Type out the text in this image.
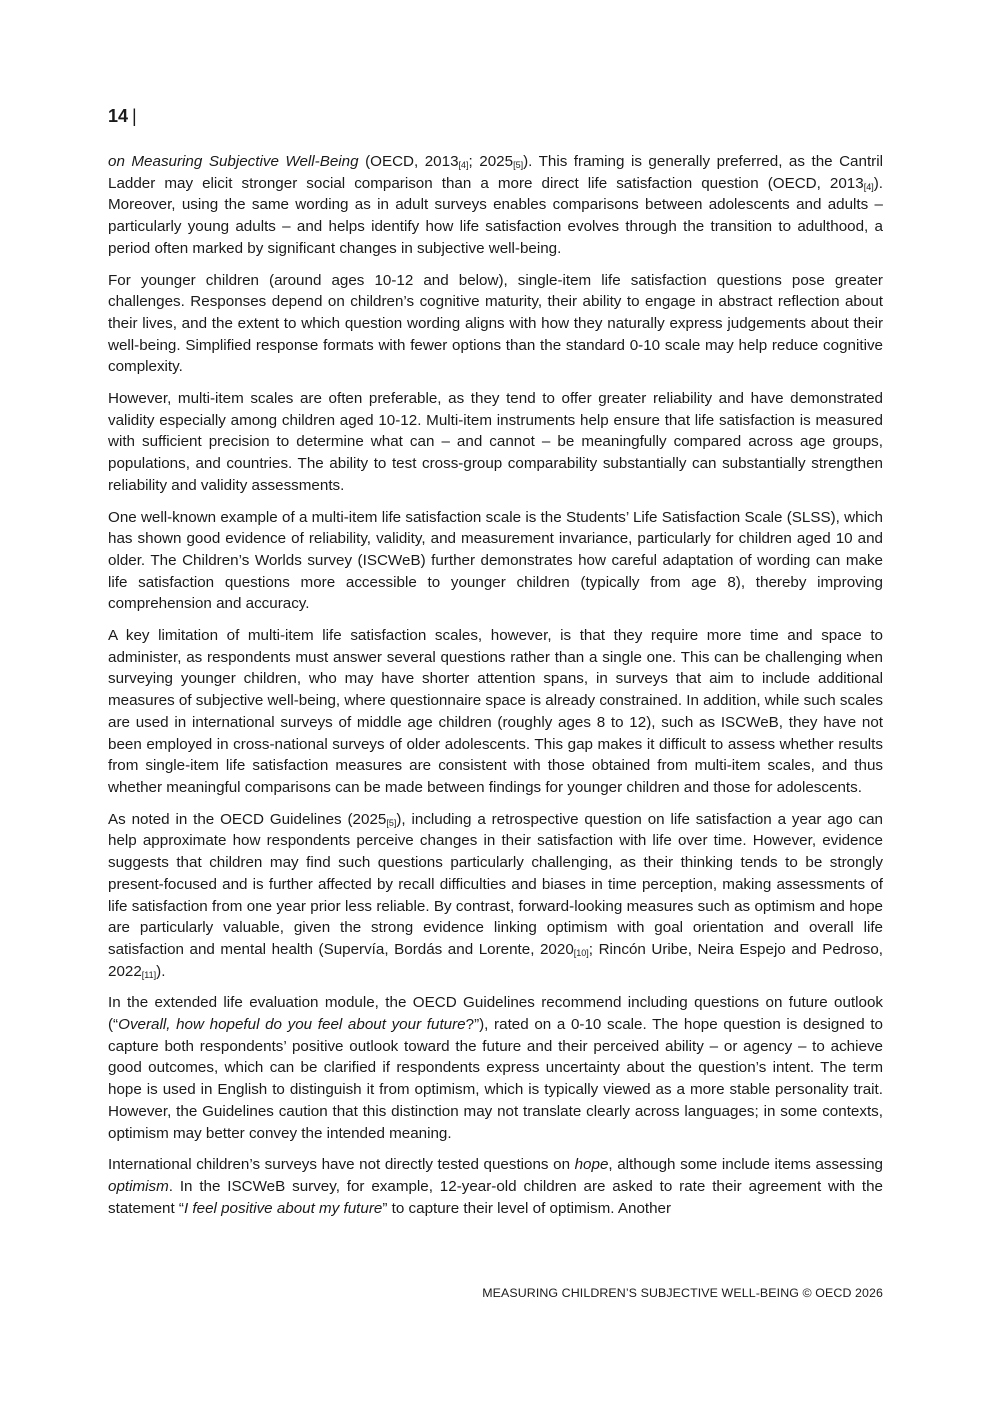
14 |

on Measuring Subjective Well-Being (OECD, $2013_{[4]}$; $2025_{[5]}$). This framing is generally preferred, as the Cantril Ladder may elicit stronger social comparison than a more direct life satisfaction question (OECD, $2013_{[4]}$). Moreover, using the same wording as in adult surveys enables comparisons between adolescents and adults – particularly young adults – and helps identify how life satisfaction evolves through the transition to adulthood, a period often marked by significant changes in subjective well-being.

For younger children (around ages 10-12 and below), single-item life satisfaction questions pose greater challenges. Responses depend on children’s cognitive maturity, their ability to engage in abstract reflection about their lives, and the extent to which question wording aligns with how they naturally express judgements about their well-being. Simplified response formats with fewer options than the standard 0-10 scale may help reduce cognitive complexity.

However, multi-item scales are often preferable, as they tend to offer greater reliability and have demonstrated validity especially among children aged 10-12. Multi-item instruments help ensure that life satisfaction is measured with sufficient precision to determine what can – and cannot – be meaningfully compared across age groups, populations, and countries. The ability to test cross-group comparability substantially can substantially strengthen reliability and validity assessments.

One well-known example of a multi-item life satisfaction scale is the Students’ Life Satisfaction Scale (SLSS), which has shown good evidence of reliability, validity, and measurement invariance, particularly for children aged 10 and older. The Children’s Worlds survey (ISCWeB) further demonstrates how careful adaptation of wording can make life satisfaction questions more accessible to younger children (typically from age 8), thereby improving comprehension and accuracy.

A key limitation of multi-item life satisfaction scales, however, is that they require more time and space to administer, as respondents must answer several questions rather than a single one. This can be challenging when surveying younger children, who may have shorter attention spans, in surveys that aim to include additional measures of subjective well-being, where questionnaire space is already constrained. In addition, while such scales are used in international surveys of middle age children (roughly ages 8 to 12), such as ISCWeB, they have not been employed in cross-national surveys of older adolescents. This gap makes it difficult to assess whether results from single-item life satisfaction measures are consistent with those obtained from multi-item scales, and thus whether meaningful comparisons can be made between findings for younger children and those for adolescents.

As noted in the OECD Guidelines $(2025_{[5]})$, including a retrospective question on life satisfaction a year ago can help approximate how respondents perceive changes in their satisfaction with life over time. However, evidence suggests that children may find such questions particularly challenging, as their thinking tends to be strongly present-focused and is further affected by recall difficulties and biases in time perception, making assessments of life satisfaction from one year prior less reliable. By contrast, forward-looking measures such as optimism and hope are particularly valuable, given the strong evidence linking optimism with goal orientation and overall life satisfaction and mental health (Supervía, Bordás and Lorente, $2020_{[10]}$; Rincón Uribe, Neira Espejo and Pedroso, $2022_{[11]}$).

In the extended life evaluation module, the OECD Guidelines recommend including questions on future outlook (“Overall, how hopeful do you feel about your future?”), rated on a 0-10 scale. The hope question is designed to capture both respondents’ positive outlook toward the future and their perceived ability – or agency – to achieve good outcomes, which can be clarified if respondents express uncertainty about the question’s intent. The term hope is used in English to distinguish it from optimism, which is typically viewed as a more stable personality trait. However, the Guidelines caution that this distinction may not translate clearly across languages; in some contexts, optimism may better convey the intended meaning.

International children’s surveys have not directly tested questions on hope, although some include items assessing optimism. In the ISCWeB survey, for example, 12-year-old children are asked to rate their agreement with the statement “I feel positive about my future” to capture their level of optimism. Another

MEASURING CHILDREN’S SUBJECTIVE WELL-BEING © OECD 2026
